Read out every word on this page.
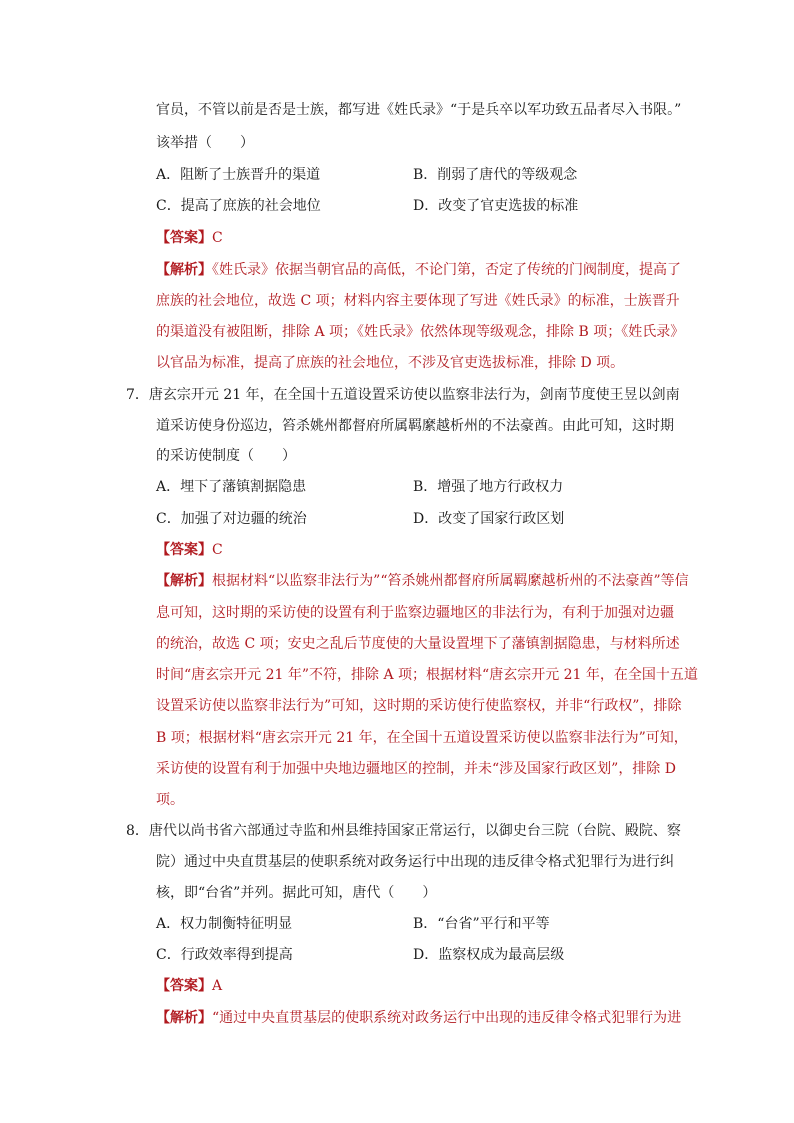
官员，不管以前是否是士族，都写进《姓氏录》“于是兵卒以军功致五品者尽入书限。”
该举措（　　）
A．阻断了士族晋升的渠道	B．削弱了唐代的等级观念
C．提高了庶族的社会地位	D．改变了官吏选拔的标准
【答案】C
【解析】《姓氏录》依据当朝官品的高低，不论门第，否定了传统的门阀制度，提高了
庶族的社会地位，故选 C 项；材料内容主要体现了写进《姓氏录》的标准，士族晋升
的渠道没有被阻断，排除 A 项；《姓氏录》依然体现等级观念，排除 B 项；《姓氏录》
以官品为标准，提高了庶族的社会地位，不涉及官吏选拔标准，排除 D 项。
7．唐玄宗开元 21 年，在全国十五道设置采访使以监察非法行为，剑南节度使王昱以剑南
道采访使身份巡边，笞杀姚州都督府所属羁縻越析州的不法豪酋。由此可知，这时期
的采访使制度（　　）
A．埋下了藩镇割据隐患	B．增强了地方行政权力
C．加强了对边疆的统治	D．改变了国家行政区划
【答案】C
【解析】根据材料“以监察非法行为”“笞杀姚州都督府所属羁縻越析州的不法豪酋”等信
息可知，这时期的采访使的设置有利于监察边疆地区的非法行为，有利于加强对边疆
的统治，故选 C 项；安史之乱后节度使的大量设置埋下了藩镇割据隐患，与材料所述
时间“唐玄宗开元 21 年”不符，排除 A 项；根据材料“唐玄宗开元 21 年，在全国十五道
设置采访使以监察非法行为”可知，这时期的采访使行使监察权，并非“行政权”，排除
B 项；根据材料“唐玄宗开元 21 年，在全国十五道设置采访使以监察非法行为”可知，
采访使的设置有利于加强中央地边疆地区的控制，并未“涉及国家行政区划”，排除 D
项。
8．唐代以尚书省六部通过寺监和州县维持国家正常运行，以御史台三院（台院、殿院、察
院）通过中央直贯基层的使职系统对政务运行中出现的违反律令格式犯罪行为进行纠
核，即“台省”并列。据此可知，唐代（　　）
A．权力制衡特征明显	B．“台省”平行和平等
C．行政效率得到提高	D．监察权成为最高层级
【答案】A
【解析】“通过中央直贯基层的使职系统对政务运行中出现的违反律令格式犯罪行为进
